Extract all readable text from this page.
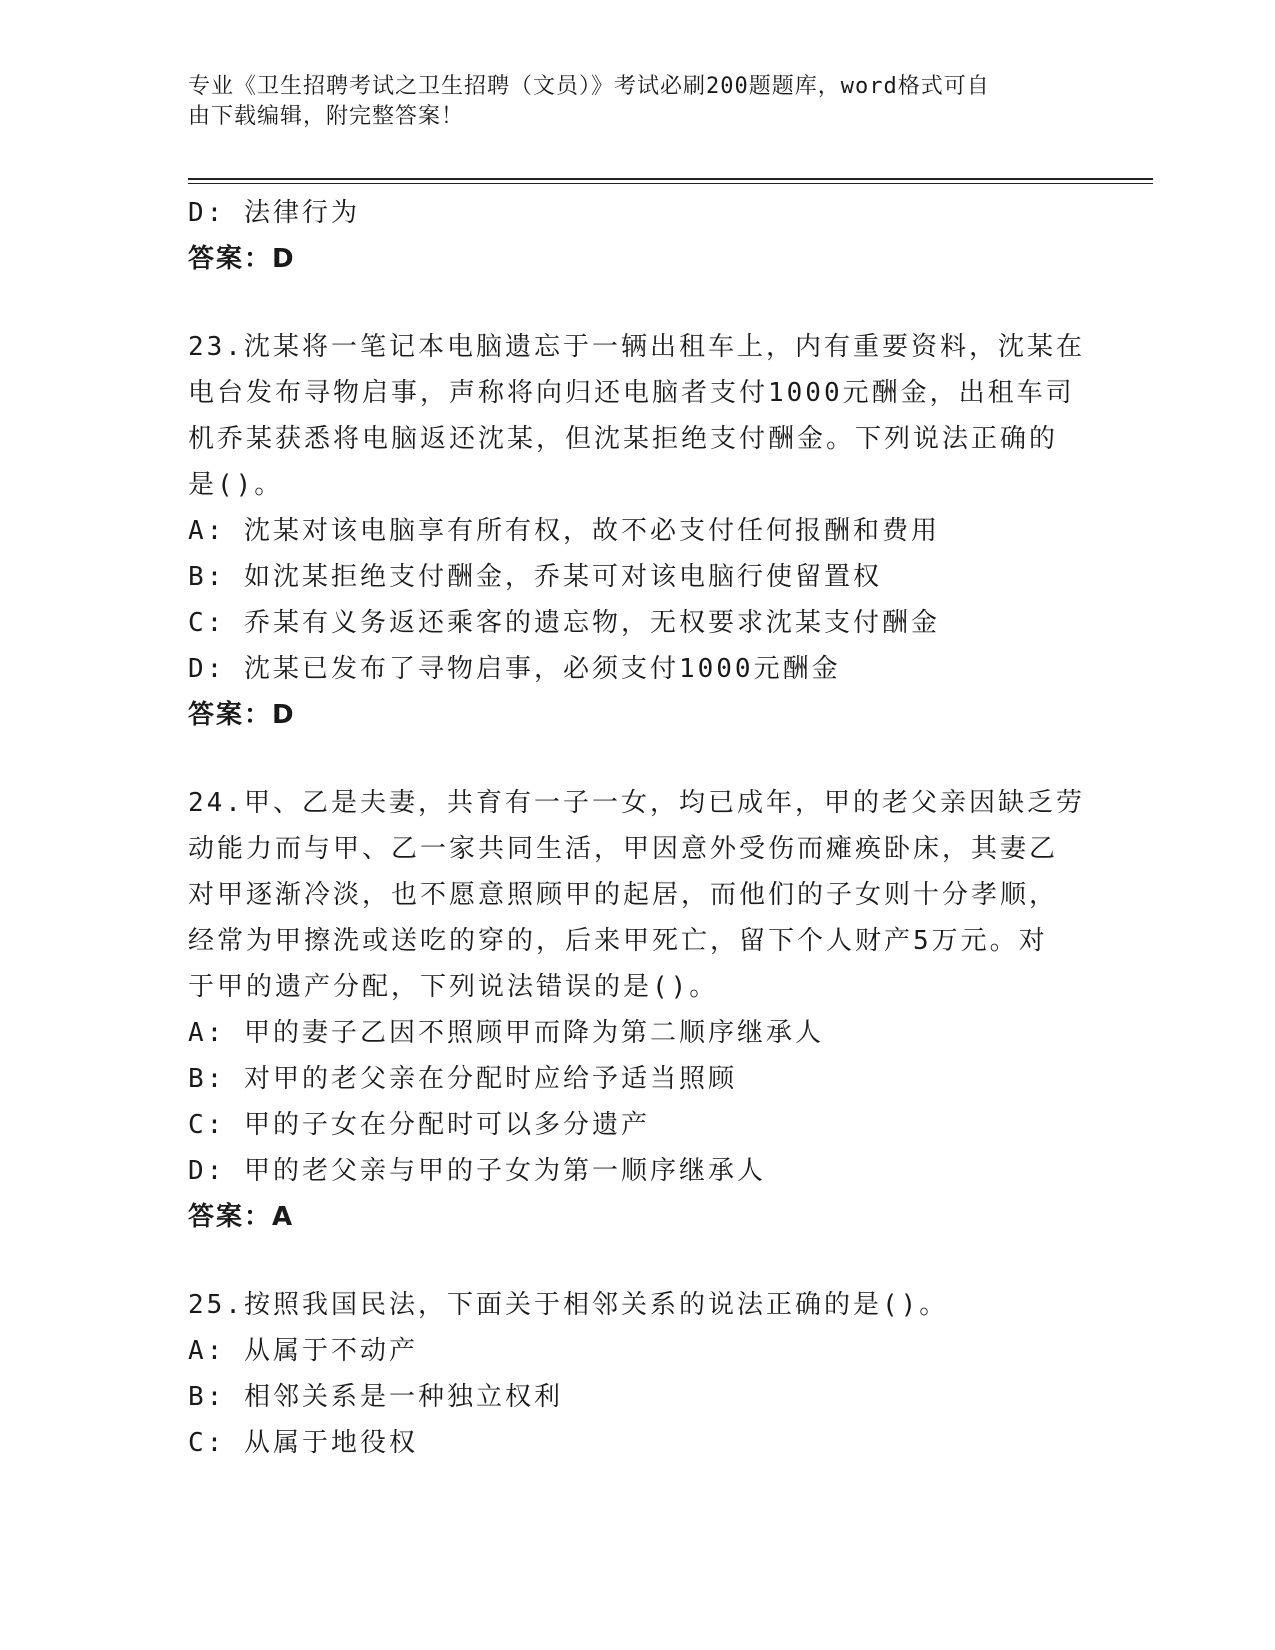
专业《卫生招聘考试之卫生招聘（文员）》考试必刷200题题库，word格式可自
由下载编辑，附完整答案！
D: 法律行为
答案：D
23.沈某将一笔记本电脑遗忘于一辆出租车上，内有重要资料，沈某在
电台发布寻物启事，声称将向归还电脑者支付1000元酬金，出租车司
机乔某获悉将电脑返还沈某，但沈某拒绝支付酬金。下列说法正确的
是()。
A: 沈某对该电脑享有所有权，故不必支付任何报酬和费用
B: 如沈某拒绝支付酬金，乔某可对该电脑行使留置权
C: 乔某有义务返还乘客的遗忘物，无权要求沈某支付酬金
D: 沈某已发布了寻物启事，必须支付1000元酬金
答案：D
24.甲、乙是夫妻，共育有一子一女，均已成年，甲的老父亲因缺乏劳
动能力而与甲、乙一家共同生活，甲因意外受伤而瘫痪卧床，其妻乙
对甲逐渐冷淡，也不愿意照顾甲的起居，而他们的子女则十分孝顺，
经常为甲擦洗或送吃的穿的，后来甲死亡，留下个人财产5万元。对
于甲的遗产分配，下列说法错误的是()。
A: 甲的妻子乙因不照顾甲而降为第二顺序继承人
B: 对甲的老父亲在分配时应给予适当照顾
C: 甲的子女在分配时可以多分遗产
D: 甲的老父亲与甲的子女为第一顺序继承人
答案：A
25.按照我国民法，下面关于相邻关系的说法正确的是()。
A: 从属于不动产
B: 相邻关系是一种独立权利
C: 从属于地役权
